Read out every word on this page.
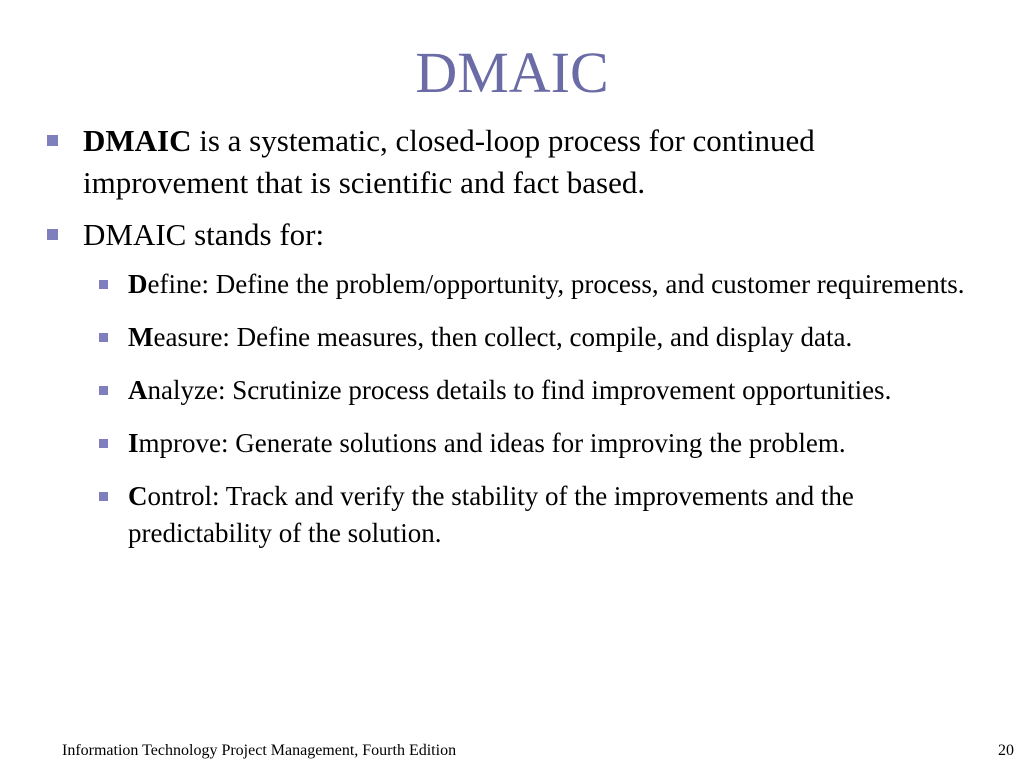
DMAIC
DMAIC is a systematic, closed-loop process for continued improvement that is scientific and fact based.
DMAIC stands for:
Define: Define the problem/opportunity, process, and customer requirements.
Measure: Define measures, then collect, compile, and display data.
Analyze: Scrutinize process details to find improvement opportunities.
Improve: Generate solutions and ideas for improving the problem.
Control: Track and verify the stability of the improvements and the predictability of the solution.
Information Technology Project Management, Fourth Edition	20
